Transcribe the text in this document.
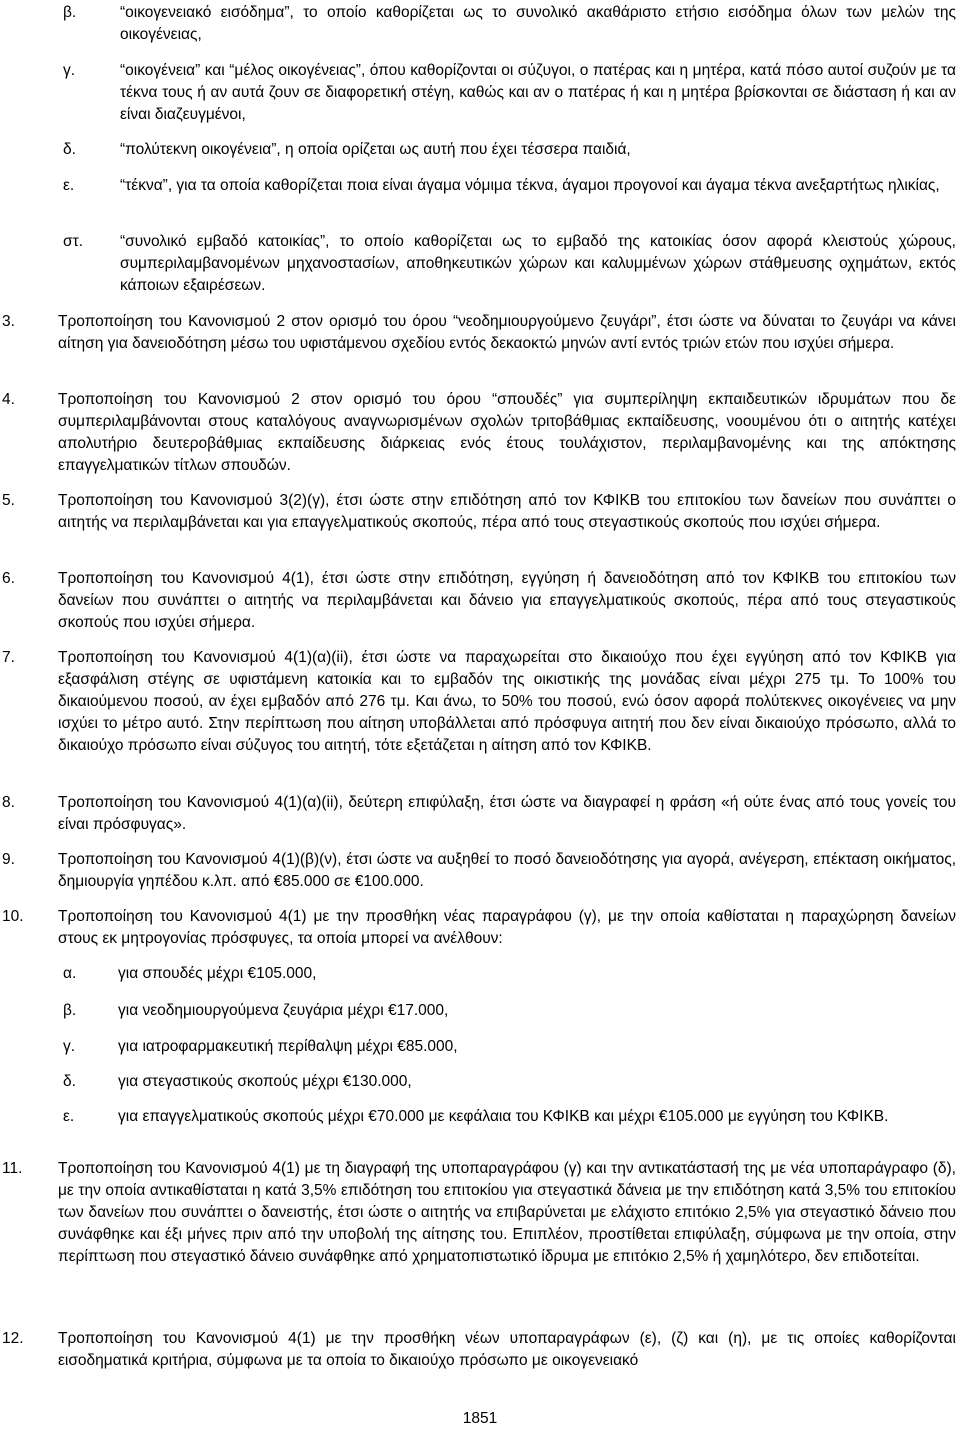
β.	“οικογενειακό εισόδημα”, το οποίο καθορίζεται ως το συνολικό ακαθάριστο ετήσιο εισόδημα όλων των μελών της οικογένειας,
γ.	“οικογένεια” και “μέλος οικογένειας”, όπου καθορίζονται οι σύζυγοι, ο πατέρας και η μητέρα, κατά πόσο αυτοί συζούν με τα τέκνα τους ή αν αυτά ζουν σε διαφορετική στέγη, καθώς και αν ο πατέρας ή και η μητέρα βρίσκονται σε διάσταση ή και αν είναι διαζευγμένοι,
δ.	“πολύτεκνη οικογένεια”, η οποία ορίζεται ως αυτή που έχει τέσσερα παιδιά,
ε.	“τέκνα”, για τα οποία καθορίζεται ποια είναι άγαμα νόμιμα τέκνα, άγαμοι προγονοί και άγαμα τέκνα ανεξαρτήτως ηλικίας,
στ. “συνολικό εμβαδό κατοικίας”, το οποίο καθορίζεται ως το εμβαδό της κατοικίας όσον αφορά κλειστούς χώρους, συμπεριλαμβανομένων μηχανοστασίων, αποθηκευτικών χώρων και καλυμμένων χώρων στάθμευσης οχημάτων, εκτός κάποιων εξαιρέσεων.
3.	Τροποποίηση του Κανονισμού 2 στον ορισμό του όρου “νεοδημιουργούμενο ζευγάρι”, έτσι ώστε να δύναται το ζευγάρι να κάνει αίτηση για δανειοδότηση μέσω του υφιστάμενου σχεδίου εντός δεκαοκτώ μηνών αντί εντός τριών ετών που ισχύει σήμερα.
4.	Τροποποίηση του Κανονισμού 2 στον ορισμό του όρου “σπουδές” για συμπερίληψη εκπαιδευτικών ιδρυμάτων που δε συμπεριλαμβάνονται στους καταλόγους αναγνωρισμένων σχολών τριτοβάθμιας εκπαίδευσης, νοουμένου ότι ο αιτητής κατέχει απολυτήριο δευτεροβάθμιας εκπαίδευσης διάρκειας ενός έτους τουλάχιστον, περιλαμβανομένης και της απόκτησης επαγγελματικών τίτλων σπουδών.
5.	Τροποποίηση του Κανονισμού 3(2)(γ), έτσι ώστε στην επιδότηση από τον ΚΦΙΚΒ του επιτοκίου των δανείων που συνάπτει ο αιτητής να περιλαμβάνεται και για επαγγελματικούς σκοπούς, πέρα από τους στεγαστικούς σκοπούς που ισχύει σήμερα.
6.	Τροποποίηση του Κανονισμού 4(1), έτσι ώστε στην επιδότηση, εγγύηση ή δανειοδότηση από τον ΚΦΙΚΒ του επιτοκίου των δανείων που συνάπτει ο αιτητής να περιλαμβάνεται και δάνειο για επαγγελματικούς σκοπούς, πέρα από τους στεγαστικούς σκοπούς που ισχύει σήμερα.
7.	Τροποποίηση του Κανονισμού 4(1)(α)(ii), έτσι ώστε να παραχωρείται στο δικαιούχο που έχει εγγύηση από τον ΚΦΙΚΒ για εξασφάλιση στέγης σε υφιστάμενη κατοικία και το εμβαδόν της οικιστικής της μονάδας είναι μέχρι 275 τμ. Το 100% του δικαιούμενου ποσού, αν έχει εμβαδόν από 276 τμ. Και άνω, το 50% του ποσού, ενώ όσον αφορά πολύτεκνες οικογένειες να μην ισχύει το μέτρο αυτό. Στην περίπτωση που αίτηση υποβάλλεται από πρόσφυγα αιτητή που δεν είναι δικαιούχο πρόσωπο, αλλά το δικαιούχο πρόσωπο είναι σύζυγος του αιτητή, τότε εξετάζεται η αίτηση από τον ΚΦΙΚΒ.
8.	Τροποποίηση του Κανονισμού 4(1)(α)(ii), δεύτερη επιφύλαξη, έτσι ώστε να διαγραφεί η φράση «ή ούτε ένας από τους γονείς του είναι πρόσφυγας».
9.	Τροποποίηση του Κανονισμού 4(1)(β)(ν), έτσι ώστε να αυξηθεί το ποσό δανειοδότησης για αγορά, ανέγερση, επέκταση οικήματος, δημιουργία γηπέδου κ.λπ. από €85.000 σε €100.000.
10. Τροποποίηση του Κανονισμού 4(1) με την προσθήκη νέας παραγράφου (γ), με την οποία καθίσταται η παραχώρηση δανείων στους εκ μητρογονίας πρόσφυγες, τα οποία μπορεί να ανέλθουν:
α.	για σπουδές μέχρι €105.000,
β.	για νεοδημιουργούμενα ζευγάρια μέχρι €17.000,
γ.	για ιατροφαρμακευτική περίθαλψη μέχρι €85.000,
δ.	για στεγαστικούς σκοπούς μέχρι €130.000,
ε.	για επαγγελματικούς σκοπούς μέχρι €70.000 με κεφάλαια του ΚΦΙΚΒ και μέχρι €105.000 με εγγύηση του ΚΦΙΚΒ.
11. Τροποποίηση του Κανονισμού 4(1) με τη διαγραφή της υποπαραγράφου (γ) και την αντικατάστασή της με νέα υποπαράγραφο (δ), με την οποία αντικαθίσταται η κατά 3,5% επιδότηση του επιτοκίου για στεγαστικά δάνεια με την επιδότηση κατά 3,5% του επιτοκίου των δανείων που συνάπτει ο δανειστής, έτσι ώστε ο αιτητής να επιβαρύνεται με ελάχιστο επιτόκιο 2,5% για στεγαστικό δάνειο που συνάφθηκε και έξι μήνες πριν από την υποβολή της αίτησης του. Επιπλέον, προστίθεται επιφύλαξη, σύμφωνα με την οποία, στην περίπτωση που στεγαστικό δάνειο συνάφθηκε από χρηματοπιστωτικό ίδρυμα με επιτόκιο 2,5% ή χαμηλότερο, δεν επιδοτείται.
12. Τροποποίηση του Κανονισμού 4(1) με την προσθήκη νέων υποπαραγράφων (ε), (ζ) και (η), με τις οποίες καθορίζονται εισοδηματικά κριτήρια, σύμφωνα με τα οποία το δικαιούχο πρόσωπο με οικογενειακό
1851
